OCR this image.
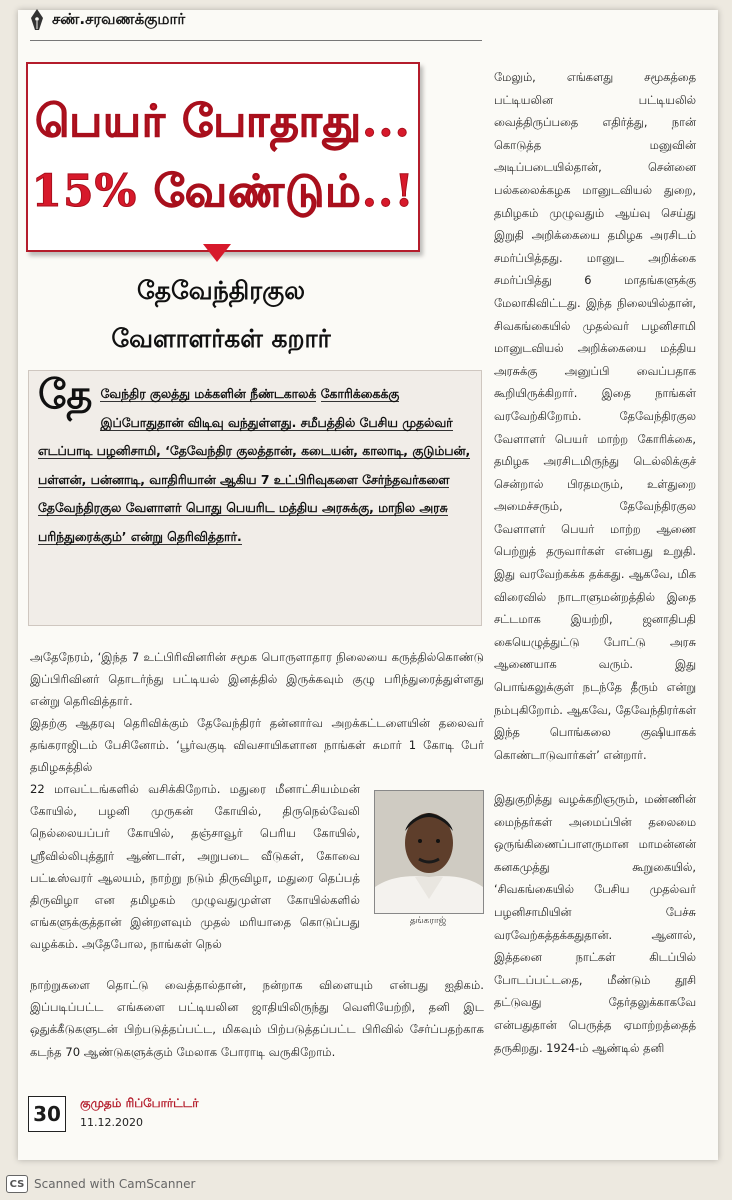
சண்.சரவணக்குமார்
பெயர் போதாது...
15% வேண்டும்..!
தேவேந்திரகுல
வேளாளர்கள் கறார்
தே வேந்திர குலத்து மக்களின் நீண்டகாலக் கோரிக்கைக்கு இப்போதுதான் விடிவு வந்துள்ளது. சமீபத்தில் பேசிய முதல்வர் எடப்பாடி பழனிசாமி, ‘தேவேந்திர குலத்தான், கடையன், காலாடி, குடும்பன், பள்ளன், பன்னாடி, வாதிரியான் ஆகிய 7 உட்பிரிவுகளை சேர்ந்தவர்களை தேவேந்திரகுல வேளாளர் பொது பெயரிட மத்திய அரசுக்கு, மாநில அரசு பரிந்துரைக்கும்’ என்று தெரிவித்தார்.
அதேநேரம், ‘இந்த 7 உட்பிரிவினரின் சமூக பொருளாதார நிலையை கருத்தில்கொண்டு இப்பிரிவினர் தொடர்ந்து பட்டியல் இனத்தில் இருக்கவும் குழு பரிந்துரைத்துள்ளது என்று தெரிவித்தார்.
இதற்கு ஆதரவு தெரிவிக்கும் தேவேந்திரர் தன்னார்வ அறக்கட்டளையின் தலைவர் தங்கராஜிடம் பேசினோம். ‘பூர்வகுடி விவசாயிகளான நாங்கள் சுமார் 1 கோடி பேர் தமிழகத்தில்
22 மாவட்டங்களில் வசிக்கிறோம். மதுரை மீனாட்சியம்மன் கோயில், பழனி முருகன் கோயில், திருநெல்வேலி நெல்லையப்பர் கோயில், தஞ்சாவூர் பெரிய கோயில், ஸ்ரீவில்லிபுத்தூர் ஆண்டாள், அறுபடை வீடுகள், கோவை பட்டீஸ்வரர் ஆலயம், நாற்று நடும் திருவிழா, மதுரை தெப்பத் திருவிழா என தமிழகம் முழுவதுமுள்ள கோயில்களில் எங்களுக்குத்தான் இன்றளவும் முதல் மரியாதை கொடுப்பது வழக்கம். அதேபோல, நாங்கள் நெல்
நாற்றுகளை தொட்டு வைத்தால்தான், நன்றாக விளையும் என்பது ஐதிகம். இப்படிப்பட்ட எங்களை பட்டியலின ஜாதியிலிருந்து வெளியேற்றி, தனி இட ஒதுக்கீடுகளுடன் பிற்படுத்தப்பட்ட, மிகவும் பிற்படுத்தப்பட்ட பிரிவில் சேர்ப்பதற்காக கடந்த 70 ஆண்டுகளுக்கும் மேலாக போராடி வருகிறோம்.
தங்கராஜ்
மேலும், எங்களது சமூகத்தை பட்டியலின பட்டியலில் வைத்திருப்பதை எதிர்த்து, நான் கொடுத்த மனுவின் அடிப்படையில்தான், சென்னை பல்கலைக்கழக மானுடவியல் துறை, தமிழகம் முழுவதும் ஆய்வு செய்து இறுதி அறிக்கையை தமிழக அரசிடம் சமர்ப்பித்தது. மானுட அறிக்கை சமர்ப்பித்து 6 மாதங்களுக்கு மேலாகிவிட்டது. இந்த நிலையில்தான், சிவகங்கையில் முதல்வர் பழனிசாமி மானுடவியல் அறிக்கையை மத்திய அரசுக்கு அனுப்பி வைப்பதாக கூறியிருக்கிறார். இதை நாங்கள் வரவேற்கிறோம். தேவேந்திரகுல வேளாளர் பெயர் மாற்ற கோரிக்கை, தமிழக அரசிடமிருந்து டெல்லிக்குச் சென்றால் பிரதமரும், உள்துறை அமைச்சரும், தேவேந்திரகுல வேளாளர் பெயர் மாற்ற ஆணை பெற்றுத் தருவார்கள் என்பது உறுதி. இது வரவேற்கக்க தக்கது. ஆகவே, மிக விரைவில் நாடாளுமன்றத்தில் இதை சட்டமாக இயற்றி, ஜனாதிபதி கையெழுத்துட்டு போட்டு அரசு ஆணையாக வரும். இது பொங்கலுக்குள் நடந்தே தீரும் என்று நம்புகிறோம். ஆகவே, தேவேந்திரர்கள் இந்த பொங்கலை குஷியாகக் கொண்டாடுவார்கள்’ என்றார்.
இதுகுறித்து வழக்கறிஞரும், மண்ணின் மைந்தர்கள் அமைப்பின் தலைமை ஒருங்கிணைப்பாளருமான மாமன்னன் கனகமுத்து கூறுகையில், ‘சிவகங்கையில் பேசிய முதல்வர் பழனிசாமியின் பேச்சு வரவேற்கத்தக்கதுதான். ஆனால், இத்தனை நாட்கள் கிடப்பில் போடப்பட்டதை, மீண்டும் தூசி தட்டுவது தேர்தலுக்காகவே என்பதுதான் பெருத்த ஏமாற்றத்தைத் தருகிறது. 1924-ம் ஆண்டில் தனி
30	குமுதம் ரிப்போர்ட்டர்
11.12.2020
CS Scanned with CamScanner
